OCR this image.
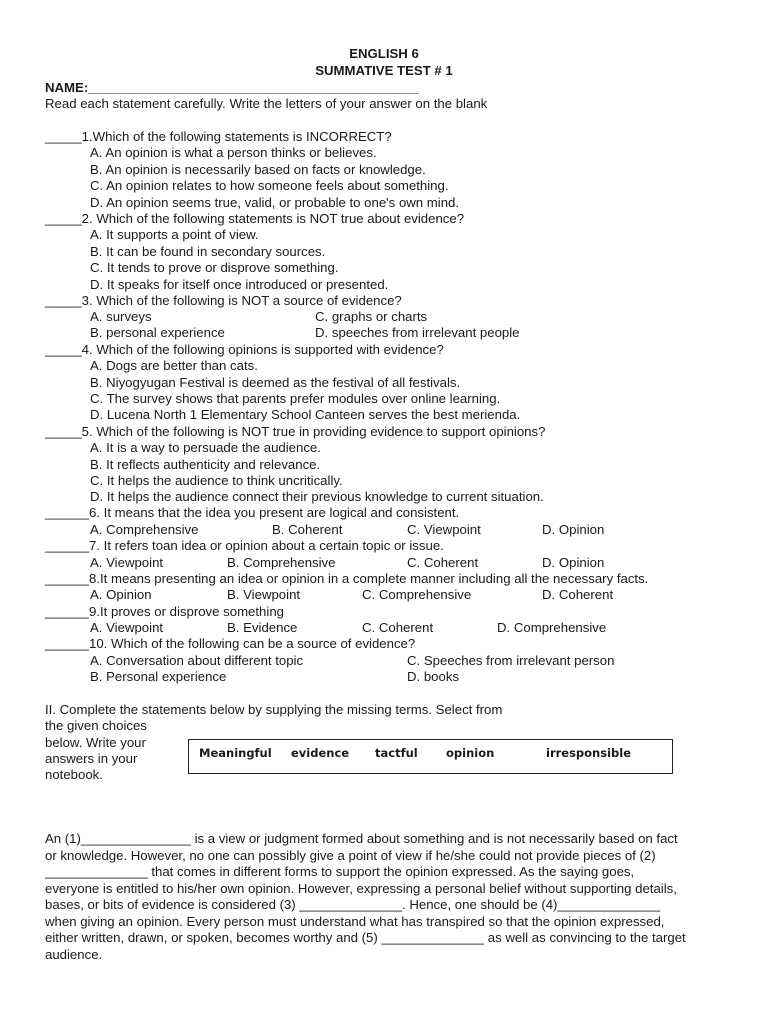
ENGLISH 6
SUMMATIVE TEST # 1
NAME:_____________________________________________
Read each statement carefully. Write the letters of your answer on the blank
_____1.Which of the following statements is INCORRECT?
A. An opinion is what a person thinks or believes.
B. An opinion is necessarily based on facts or knowledge.
C. An opinion relates to how someone feels about something.
D. An opinion seems true, valid, or probable to one's own mind.
_____2. Which of the following statements is NOT true about evidence?
A. It supports a point of view.
B. It can be found in secondary sources.
C. It tends to prove or disprove something.
D. It speaks for itself once introduced or presented.
_____3. Which of the following is NOT a source of evidence?
A. surveys	C. graphs or charts
B. personal experience	D. speeches from irrelevant people
_____4. Which of the following opinions is supported with evidence?
A. Dogs are better than cats.
B. Niyogyugan Festival is deemed as the festival of all festivals.
C. The survey shows that parents prefer modules over online learning.
D. Lucena North 1 Elementary School Canteen serves the best merienda.
_____5. Which of the following is NOT true in providing evidence to support opinions?
A. It is a way to persuade the audience.
B. It reflects authenticity and relevance.
C. It helps the audience to think uncritically.
D. It helps the audience connect their previous knowledge to current situation.
______6. It means that the idea you present are logical and consistent.
A. Comprehensive	B. Coherent	C. Viewpoint	D. Opinion
______7. It refers toan idea or opinion about a certain topic or issue.
A. Viewpoint	B. Comprehensive	C. Coherent	D. Opinion
______8.It means presenting an idea or opinion in a complete manner including all the necessary facts.
A. Opinion	B. Viewpoint	C. Comprehensive	D. Coherent
______9.It proves or disprove something
A. Viewpoint	B. Evidence	C. Coherent	D. Comprehensive
______10. Which of the following can be a source of evidence?
A. Conversation about different topic	C. Speeches from irrelevant person
B. Personal experience	D. books
II. Complete the statements below by supplying the missing terms. Select from
the given choices
below. Write your
answers in your
notebook.
Meaningful evidence tactful opinion	irresponsible
An (1)_______________ is a view or judgment formed about something and is not necessarily based on fact
or knowledge. However, no one can possibly give a point of view if he/she could not provide pieces of (2)
______________ that comes in different forms to support the opinion expressed. As the saying goes,
everyone is entitled to his/her own opinion. However, expressing a personal belief without supporting details,
bases, or bits of evidence is considered (3) ______________. Hence, one should be (4)______________
when giving an opinion. Every person must understand what has transpired so that the opinion expressed,
either written, drawn, or spoken, becomes worthy and (5) ______________ as well as convincing to the target
audience.
